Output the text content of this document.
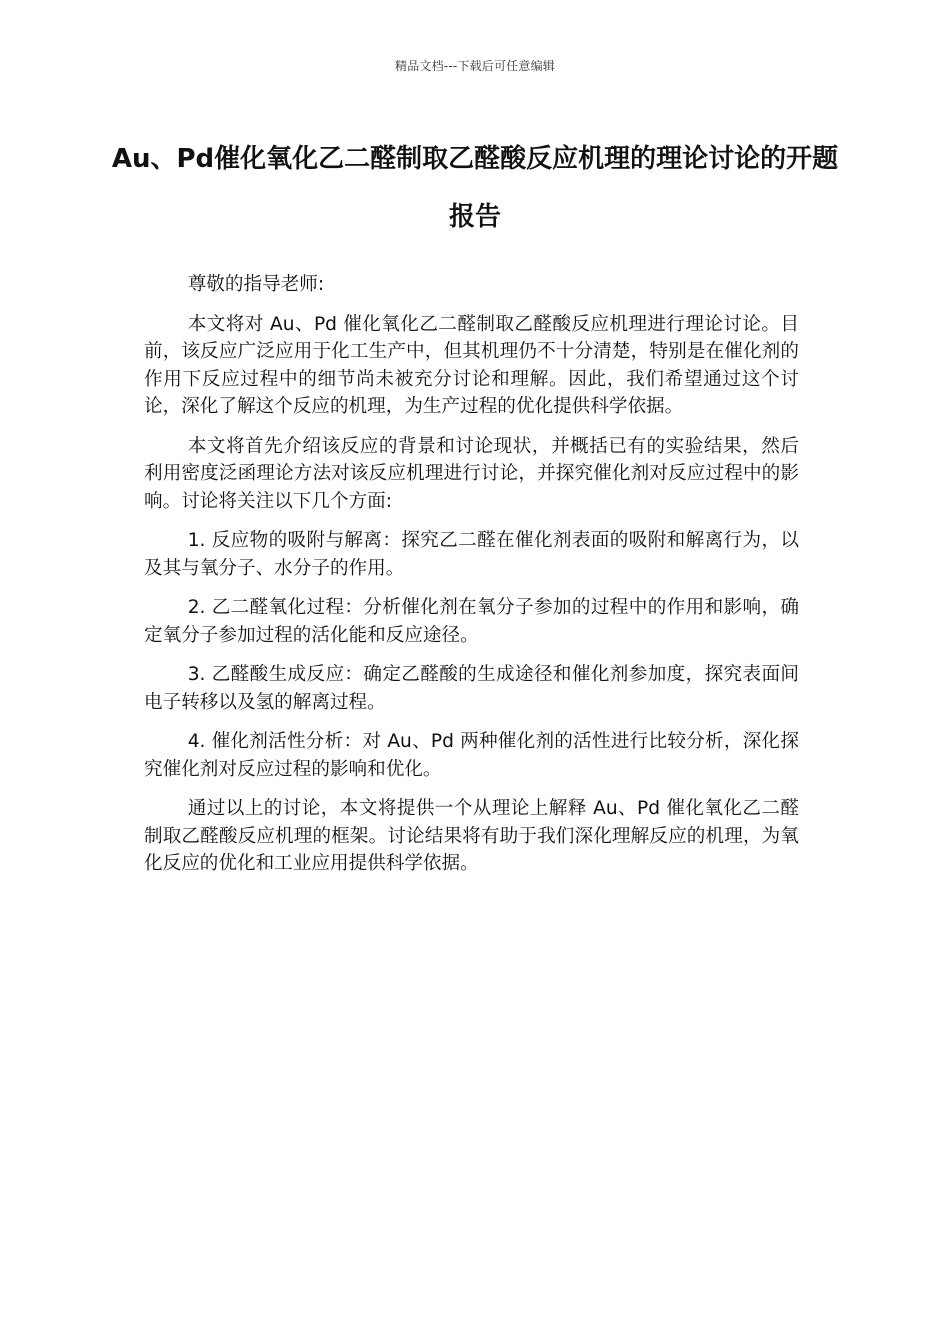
精品文档---下载后可任意编辑
Au、Pd催化氧化乙二醛制取乙醛酸反应机理的理论讨论的开题报告

尊敬的指导老师:

本文将对 Au、Pd 催化氧化乙二醛制取乙醛酸反应机理进行理论讨论。目前，该反应广泛应用于化工生产中，但其机理仍不十分清楚，特别是在催化剂的作用下反应过程中的细节尚未被充分讨论和理解。因此，我们希望通过这个讨论，深化了解这个反应的机理，为生产过程的优化提供科学依据。

本文将首先介绍该反应的背景和讨论现状，并概括已有的实验结果，然后利用密度泛函理论方法对该反应机理进行讨论，并探究催化剂对反应过程中的影响。讨论将关注以下几个方面:

1. 反应物的吸附与解离：探究乙二醛在催化剂表面的吸附和解离行为，以及其与氧分子、水分子的作用。

2. 乙二醛氧化过程：分析催化剂在氧分子参加的过程中的作用和影响，确定氧分子参加过程的活化能和反应途径。

3. 乙醛酸生成反应：确定乙醛酸的生成途径和催化剂参加度，探究表面间电子转移以及氢的解离过程。

4. 催化剂活性分析：对 Au、Pd 两种催化剂的活性进行比较分析，深化探究催化剂对反应过程的影响和优化。

通过以上的讨论，本文将提供一个从理论上解释 Au、Pd 催化氧化乙二醛制取乙醛酸反应机理的框架。讨论结果将有助于我们深化理解反应的机理，为氧化反应的优化和工业应用提供科学依据。
